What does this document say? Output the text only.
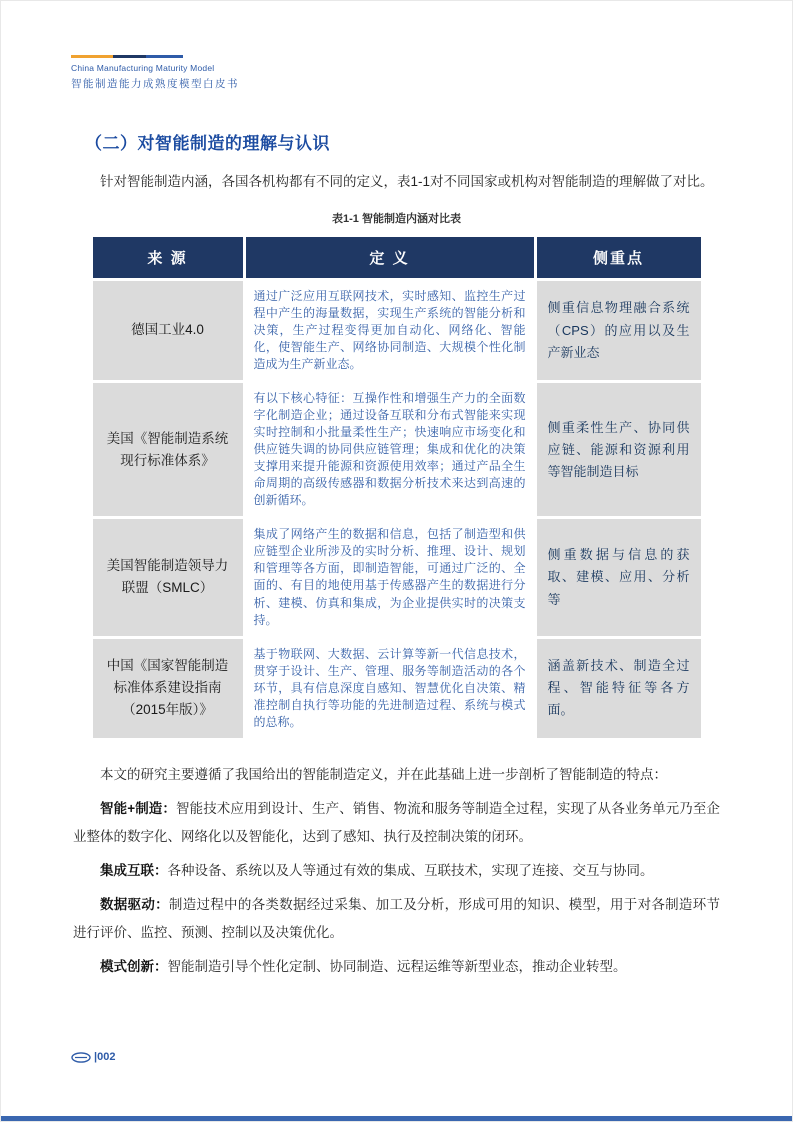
China Manufacturing Maturity Model
智能制造能力成熟度模型白皮书
（二）对智能制造的理解与认识

针对智能制造内涵，各国各机构都有不同的定义，表1-1对不同国家或机构对智能制造的理解做了对比。

表1-1 智能制造内涵对比表
来 源	定 义	侧重点
德国工业4.0	通过广泛应用互联网技术，实时感知、监控生产过程中产生的海量数据，实现生产系统的智能分析和决策，生产过程变得更加自动化、网络化、智能化，使智能生产、网络协同制造、大规模个性化制造成为生产新业态。	侧重信息物理融合系统（CPS）的应用以及生产新业态
美国《智能制造系统现行标准体系》	有以下核心特征：互操作性和增强生产力的全面数字化制造企业；通过设备互联和分布式智能来实现实时控制和小批量柔性生产；快速响应市场变化和供应链失调的协同供应链管理；集成和优化的决策支撑用来提升能源和资源使用效率；通过产品全生命周期的高级传感器和数据分析技术来达到高速的创新循环。	侧重柔性生产、协同供应链、能源和资源利用等智能制造目标
美国智能制造领导力联盟（SMLC）	集成了网络产生的数据和信息，包括了制造型和供应链型企业所涉及的实时分析、推理、设计、规划和管理等各方面，即制造智能，可通过广泛的、全面的、有目的地使用基于传感器产生的数据进行分析、建模、仿真和集成，为企业提供实时的决策支持。	侧重数据与信息的获取、建模、应用、分析等
中国《国家智能制造标准体系建设指南（2015年版）》	基于物联网、大数据、云计算等新一代信息技术，贯穿于设计、生产、管理、服务等制造活动的各个环节，具有信息深度自感知、智慧优化自决策、精准控制自执行等功能的先进制造过程、系统与模式的总称。	涵盖新技术、制造全过程、智能特征等各方面。

本文的研究主要遵循了我国给出的智能制造定义，并在此基础上进一步剖析了智能制造的特点：

智能+制造：智能技术应用到设计、生产、销售、物流和服务等制造全过程，实现了从各业务单元乃至企业整体的数字化、网络化以及智能化，达到了感知、执行及控制决策的闭环。

集成互联：各种设备、系统以及人等通过有效的集成、互联技术，实现了连接、交互与协同。

数据驱动：制造过程中的各类数据经过采集、加工及分析，形成可用的知识、模型，用于对各制造环节进行评价、监控、预测、控制以及决策优化。

模式创新：智能制造引导个性化定制、协同制造、远程运维等新型业态，推动企业转型。

|002
